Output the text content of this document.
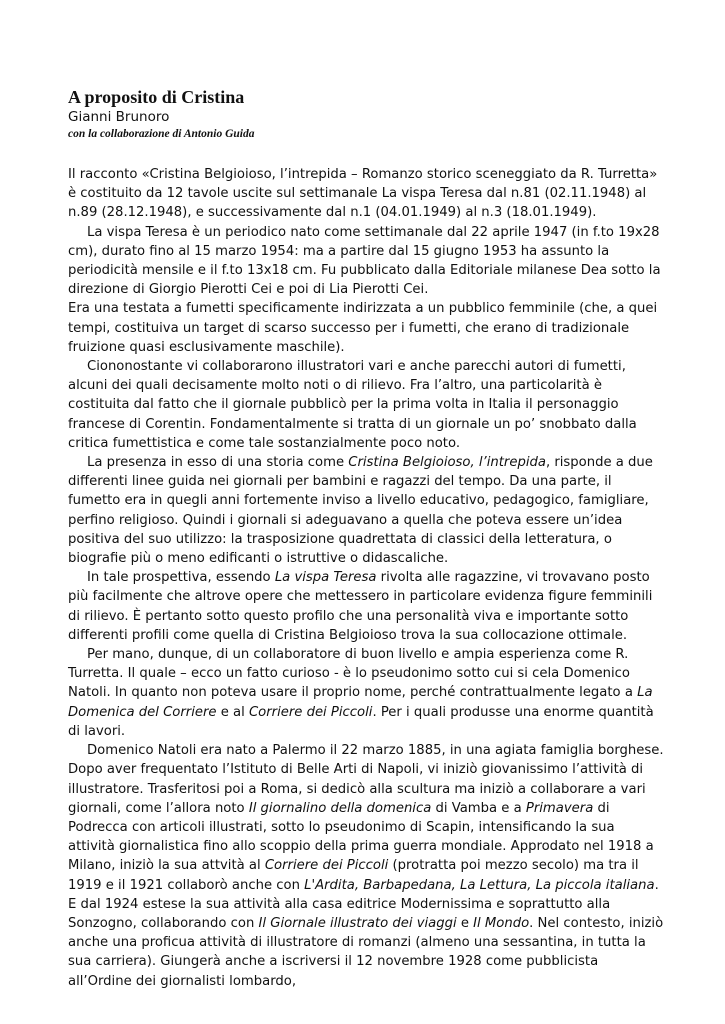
A proposito di Cristina

Gianni Brunoro

con la collaborazione di Antonio Guida

Il racconto «Cristina Belgioioso, l’intrepida – Romanzo storico sceneggiato da R. Turretta» è costituito da 12 tavole uscite sul settimanale La vispa Teresa dal n.81 (02.11.1948) al n.89 (28.12.1948), e successivamente dal n.1 (04.01.1949) al n.3 (18.01.1949).

La vispa Teresa è un periodico nato come settimanale dal 22 aprile 1947 (in f.to 19x28 cm), durato fino al 15 marzo 1954: ma a partire dal 15 giugno 1953 ha assunto la periodicità mensile e il f.to 13x18 cm. Fu pubblicato dalla Editoriale milanese Dea sotto la direzione di Giorgio Pierotti Cei e poi di Lia Pierotti Cei.

Era una testata a fumetti specificamente indirizzata a un pubblico femminile (che, a quei tempi, costituiva un target di scarso successo per i fumetti, che erano di tradizionale fruizione quasi esclusivamente maschile).

Ciononostante vi collaborarono illustratori vari e anche parecchi autori di fumetti, alcuni dei quali decisamente molto noti o di rilievo. Fra l’altro, una particolarità è costituita dal fatto che il giornale pubblicò per la prima volta in Italia il personaggio francese di Corentin. Fondamentalmente si tratta di un giornale un po’ snobbato dalla critica fumettistica e come tale sostanzialmente poco noto.

La presenza in esso di una storia come Cristina Belgioioso, l’intrepida, risponde a due differenti linee guida nei giornali per bambini e ragazzi del tempo. Da una parte, il fumetto era in quegli anni fortemente inviso a livello educativo, pedagogico, famigliare, perfino religioso. Quindi i giornali si adeguavano a quella che poteva essere un’idea positiva del suo utilizzo: la trasposizione quadrettata di classici della letteratura, o biografie più o meno edificanti o istruttive o didascaliche.

In tale prospettiva, essendo La vispa Teresa rivolta alle ragazzine, vi trovavano posto più facilmente che altrove opere che mettessero in particolare evidenza figure femminili di rilievo. È pertanto sotto questo profilo che una personalità viva e importante sotto differenti profili come quella di Cristina Belgioioso trova la sua collocazione ottimale.

Per mano, dunque, di un collaboratore di buon livello e ampia esperienza come R. Turretta. Il quale – ecco un fatto curioso - è lo pseudonimo sotto cui si cela Domenico Natoli. In quanto non poteva usare il proprio nome, perché contrattualmente legato a La Domenica del Corriere e al Corriere dei Piccoli. Per i quali produsse una enorme quantità di lavori.

Domenico Natoli era nato a Palermo il 22 marzo 1885, in una agiata famiglia borghese. Dopo aver frequentato l’Istituto di Belle Arti di Napoli, vi iniziò giovanissimo l’attività di illustratore. Trasferitosi poi a Roma, si dedicò alla scultura ma iniziò a collaborare a vari giornali, come l’allora noto Il giornalino della domenica di Vamba e a Primavera di Podrecca con articoli illustrati, sotto lo pseudonimo di Scapin, intensificando la sua attività giornalistica fino allo scoppio della prima guerra mondiale. Approdato nel 1918 a Milano, iniziò la sua attvità al Corriere dei Piccoli (protratta poi mezzo secolo) ma tra il 1919 e il 1921 collaborò anche con L'Ardita, Barbapedana, La Lettura, La piccola italiana. E dal 1924 estese la sua attività alla casa editrice Modernissima e soprattutto alla Sonzogno, collaborando con Il Giornale illustrato dei viaggi e Il Mondo. Nel contesto, iniziò anche una proficua attività di illustratore di romanzi (almeno una sessantina, in tutta la sua carriera). Giungerà anche a iscriversi il 12 novembre 1928 come pubblicista all’Ordine dei giornalisti lombardo,
